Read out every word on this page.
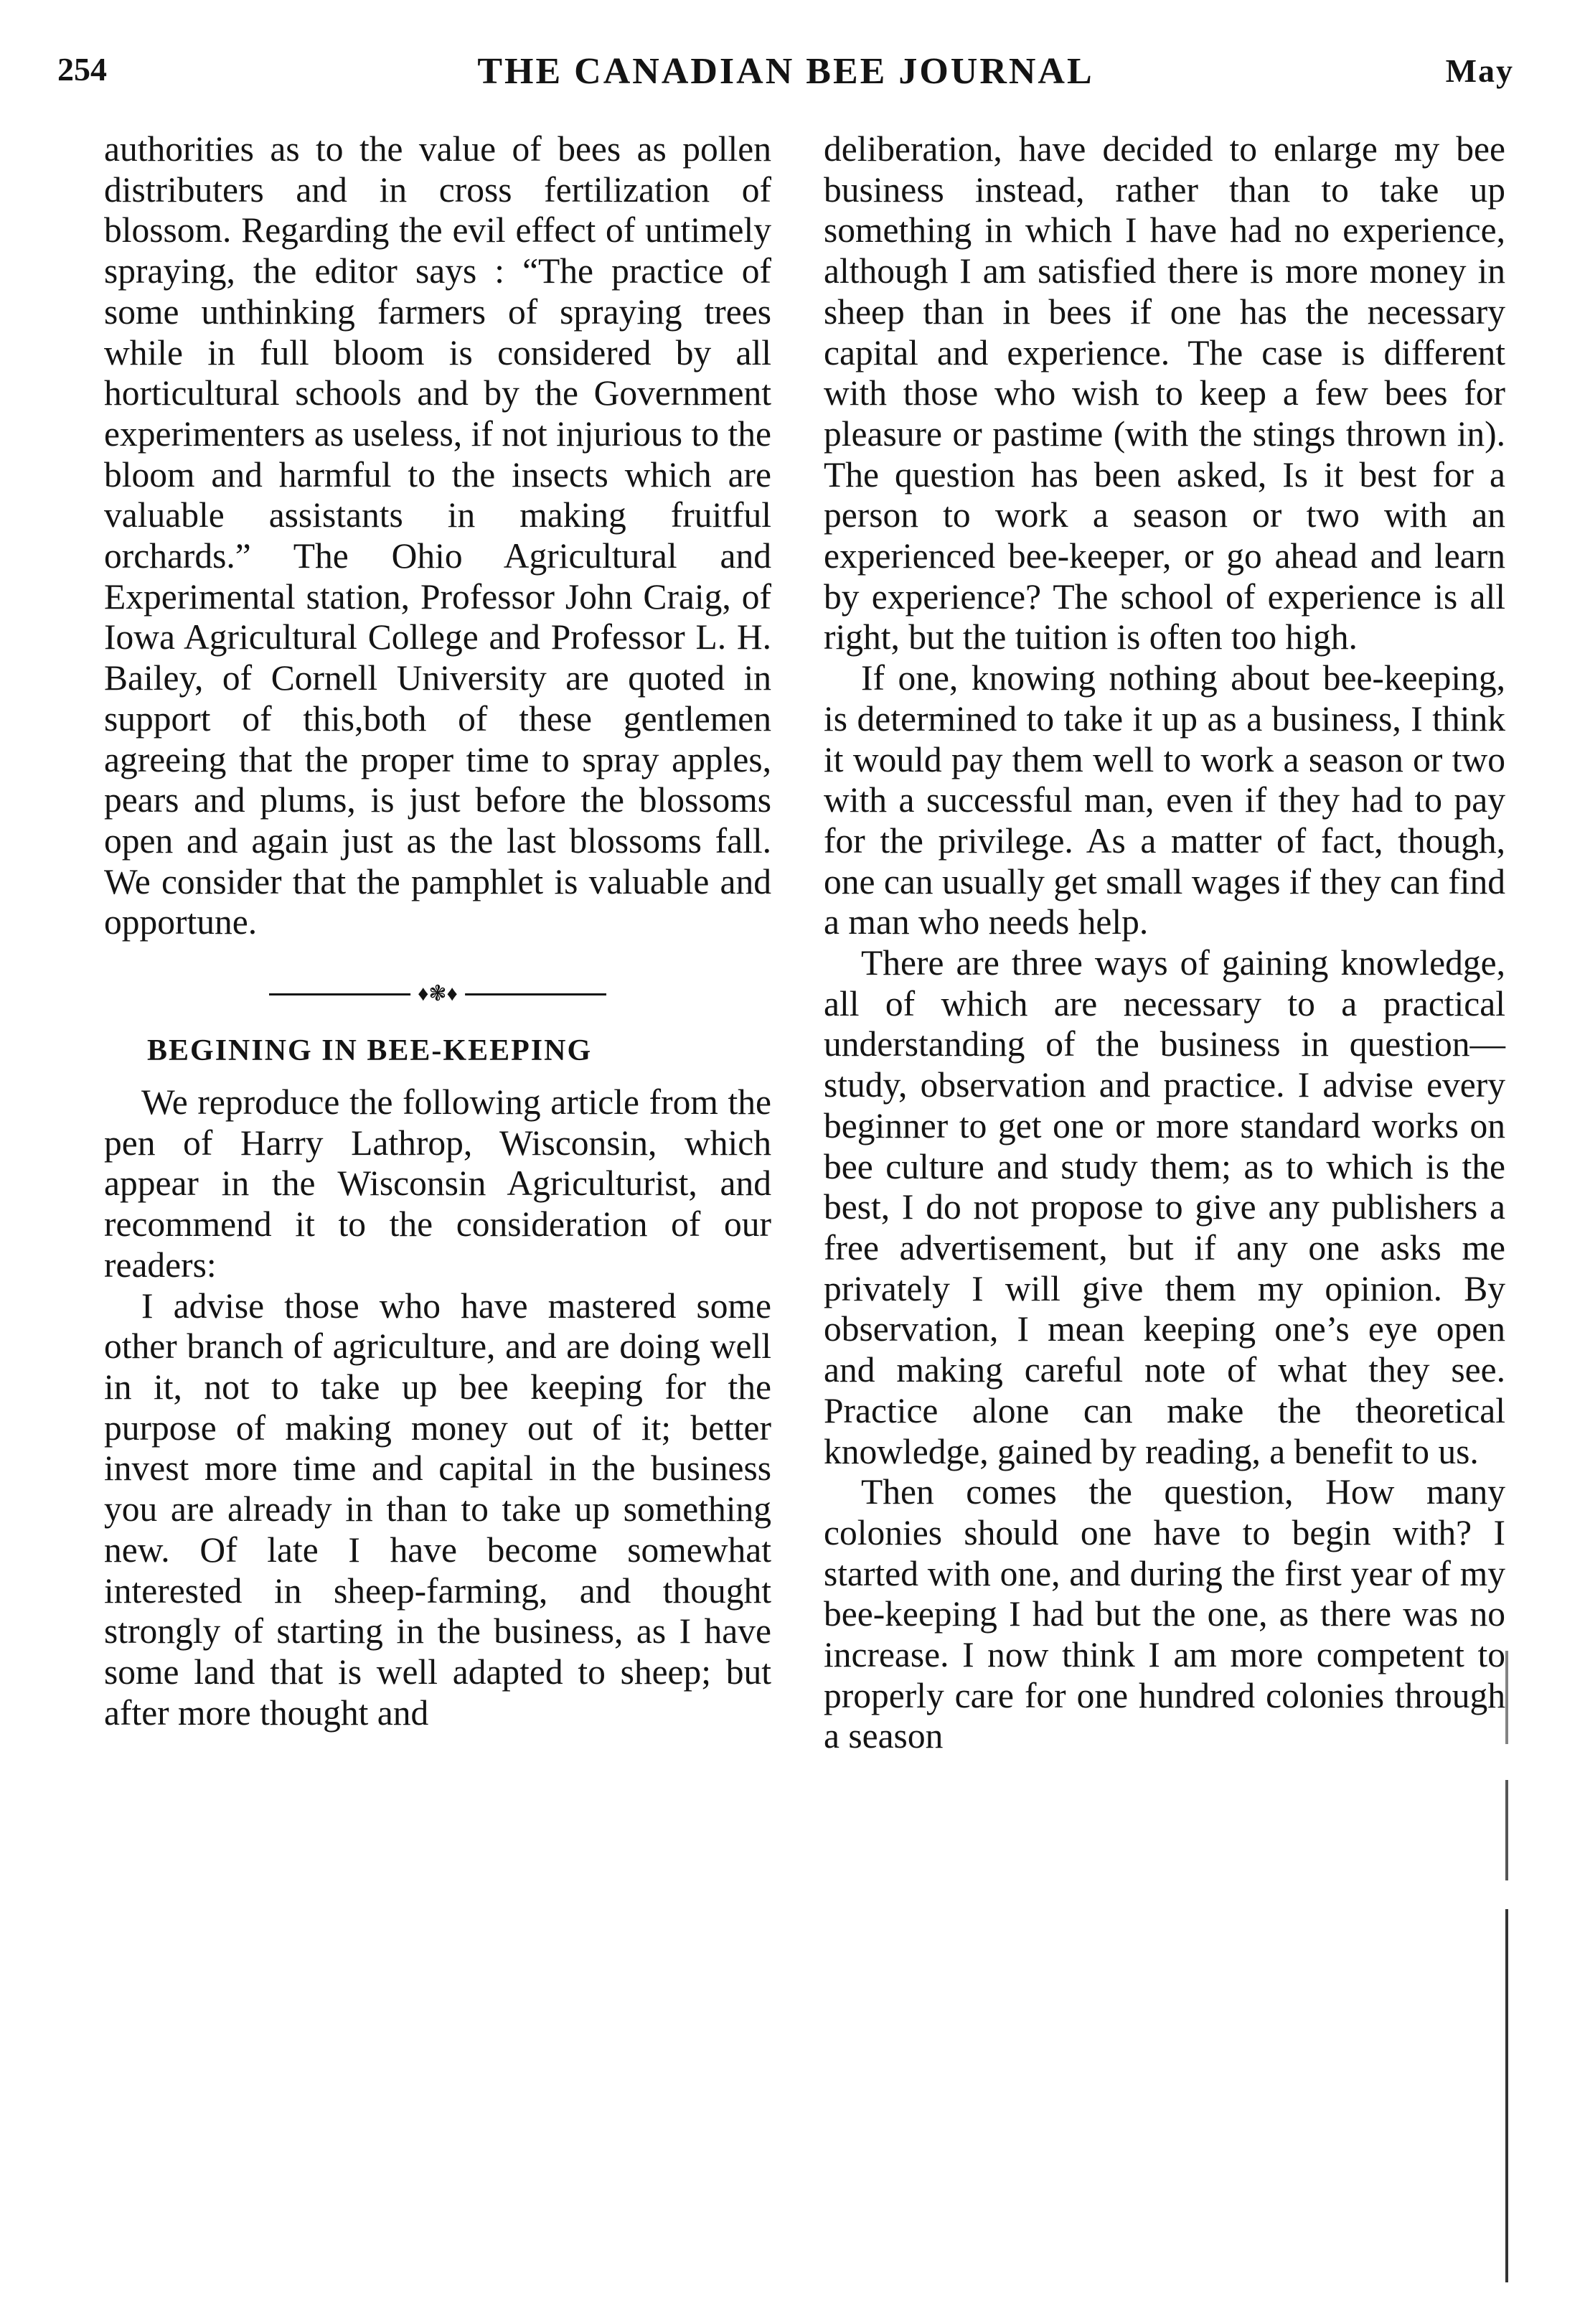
254	THE CANADIAN BEE JOURNAL	May

authorities as to the value of bees as pollen distributers and in cross fertilization of blossom. Regarding the evil effect of untimely spraying, the editor says : “The practice of some unthinking farmers of spraying trees while in full bloom is considered by all horticultural schools and by the Government experimenters as useless, if not injurious to the bloom and harmful to the insects which are valuable assistants in making fruitful orchards.” The Ohio Agricultural and Experimental station, Professor John Craig, of Iowa Agricultural College and Professor L. H. Bailey, of Cornell University are quoted in support of this,both of these gentlemen agreeing that the proper time to spray apples, pears and plums, is just before the blossoms open and again just as the last blossoms fall. We consider that the pamphlet is valuable and opportune.

♦❃♦
BEGINING IN BEE-KEEPING

We reproduce the following article from the pen of Harry Lathrop, Wisconsin, which appear in the Wisconsin Agriculturist, and recommend it to the consideration of our readers:

I advise those who have mastered some other branch of agriculture, and are doing well in it, not to take up bee keeping for the purpose of making money out of it; better invest more time and capital in the business you are already in than to take up something new. Of late I have become somewhat interested in sheep-farming, and thought strongly of starting in the business, as I have some land that is well adapted to sheep; but after more thought and

deliberation, have decided to enlarge my bee business instead, rather than to take up something in which I have had no experience, although I am satisfied there is more money in sheep than in bees if one has the necessary capital and experience. The case is different with those who wish to keep a few bees for pleasure or pastime (with the stings thrown in). The question has been asked, Is it best for a person to work a season or two with an experienced bee-keeper, or go ahead and learn by experience? The school of experience is all right, but the tuition is often too high.

If one, knowing nothing about bee-keeping, is determined to take it up as a business, I think it would pay them well to work a season or two with a successful man, even if they had to pay for the privilege. As a matter of fact, though, one can usually get small wages if they can find a man who needs help.

There are three ways of gaining knowledge, all of which are necessary to a practical understanding of the business in question—study, observation and practice. I advise every beginner to get one or more standard works on bee culture and study them; as to which is the best, I do not propose to give any publishers a free advertisement, but if any one asks me privately I will give them my opinion. By observation, I mean keeping one’s eye open and making careful note of what they see. Practice alone can make the theoretical knowledge, gained by reading, a benefit to us.

Then comes the question, How many colonies should one have to begin with? I started with one, and during the first year of my bee-keeping I had but the one, as there was no increase. I now think I am more competent to properly care for one hundred colonies through a season
